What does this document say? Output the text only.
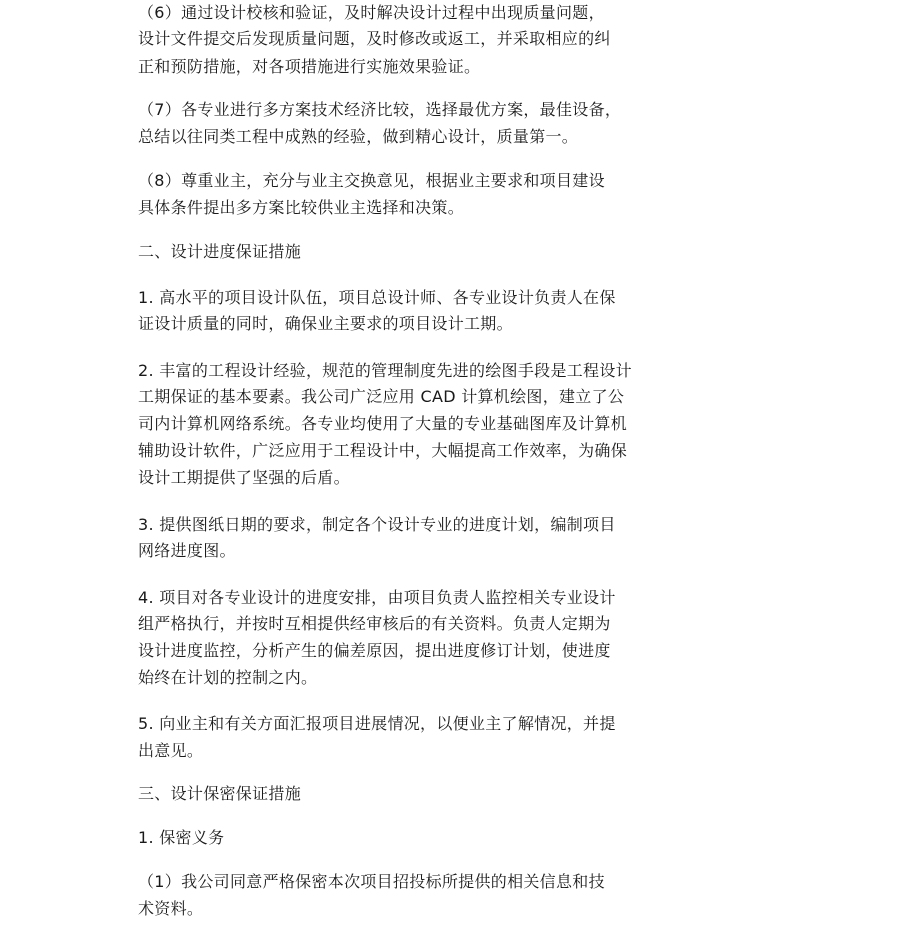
（6）通过设计校核和验证，及时解决设计过程中出现质量问题，
设计文件提交后发现质量问题，及时修改或返工，并采取相应的纠
正和预防措施，对各项措施进行实施效果验证。
（7）各专业进行多方案技术经济比较，选择最优方案，最佳设备，
总结以往同类工程中成熟的经验，做到精心设计，质量第一。
（8）尊重业主，充分与业主交换意见，根据业主要求和项目建设
具体条件提出多方案比较供业主选择和决策。
二、设计进度保证措施
1. 高水平的项目设计队伍，项目总设计师、各专业设计负责人在保
证设计质量的同时，确保业主要求的项目设计工期。
2. 丰富的工程设计经验，规范的管理制度先进的绘图手段是工程设计
工期保证的基本要素。我公司广泛应用 CAD 计算机绘图，建立了公
司内计算机网络系统。各专业均使用了大量的专业基础图库及计算机
辅助设计软件，广泛应用于工程设计中，大幅提高工作效率，为确保
设计工期提供了坚强的后盾。
3. 提供图纸日期的要求，制定各个设计专业的进度计划，编制项目
网络进度图。
4. 项目对各专业设计的进度安排，由项目负责人监控相关专业设计
组严格执行，并按时互相提供经审核后的有关资料。负责人定期为
设计进度监控，分析产生的偏差原因，提出进度修订计划，使进度
始终在计划的控制之内。
5. 向业主和有关方面汇报项目进展情况，以便业主了解情况，并提
出意见。
三、设计保密保证措施
1. 保密义务
（1）我公司同意严格保密本次项目招投标所提供的相关信息和技
术资料。
